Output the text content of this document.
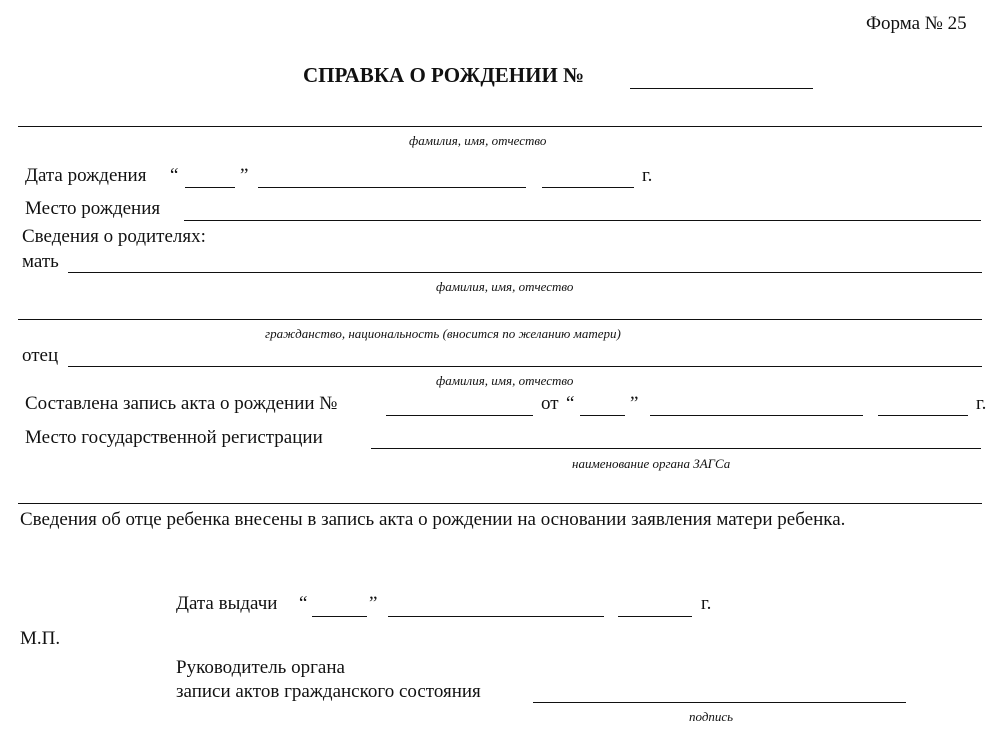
Форма № 25
СПРАВКА О РОЖДЕНИИ №
фамилия, имя, отчество
Дата рождения “	”	г.
Место рождения
Сведения о родителях:
мать
фамилия, имя, отчество
гражданство, национальность (вносится по желанию матери)
отец
фамилия, имя, отчество
Составлена запись акта о рождении №	от “	”	г.
Место государственной регистрации
наименование органа ЗАГСа
Сведения об отце ребенка внесены в запись акта о рождении на основании заявления матери ребенка.
Дата выдачи “	”	г.
М.П.
Руководитель органа
записи актов гражданского состояния
подпись
